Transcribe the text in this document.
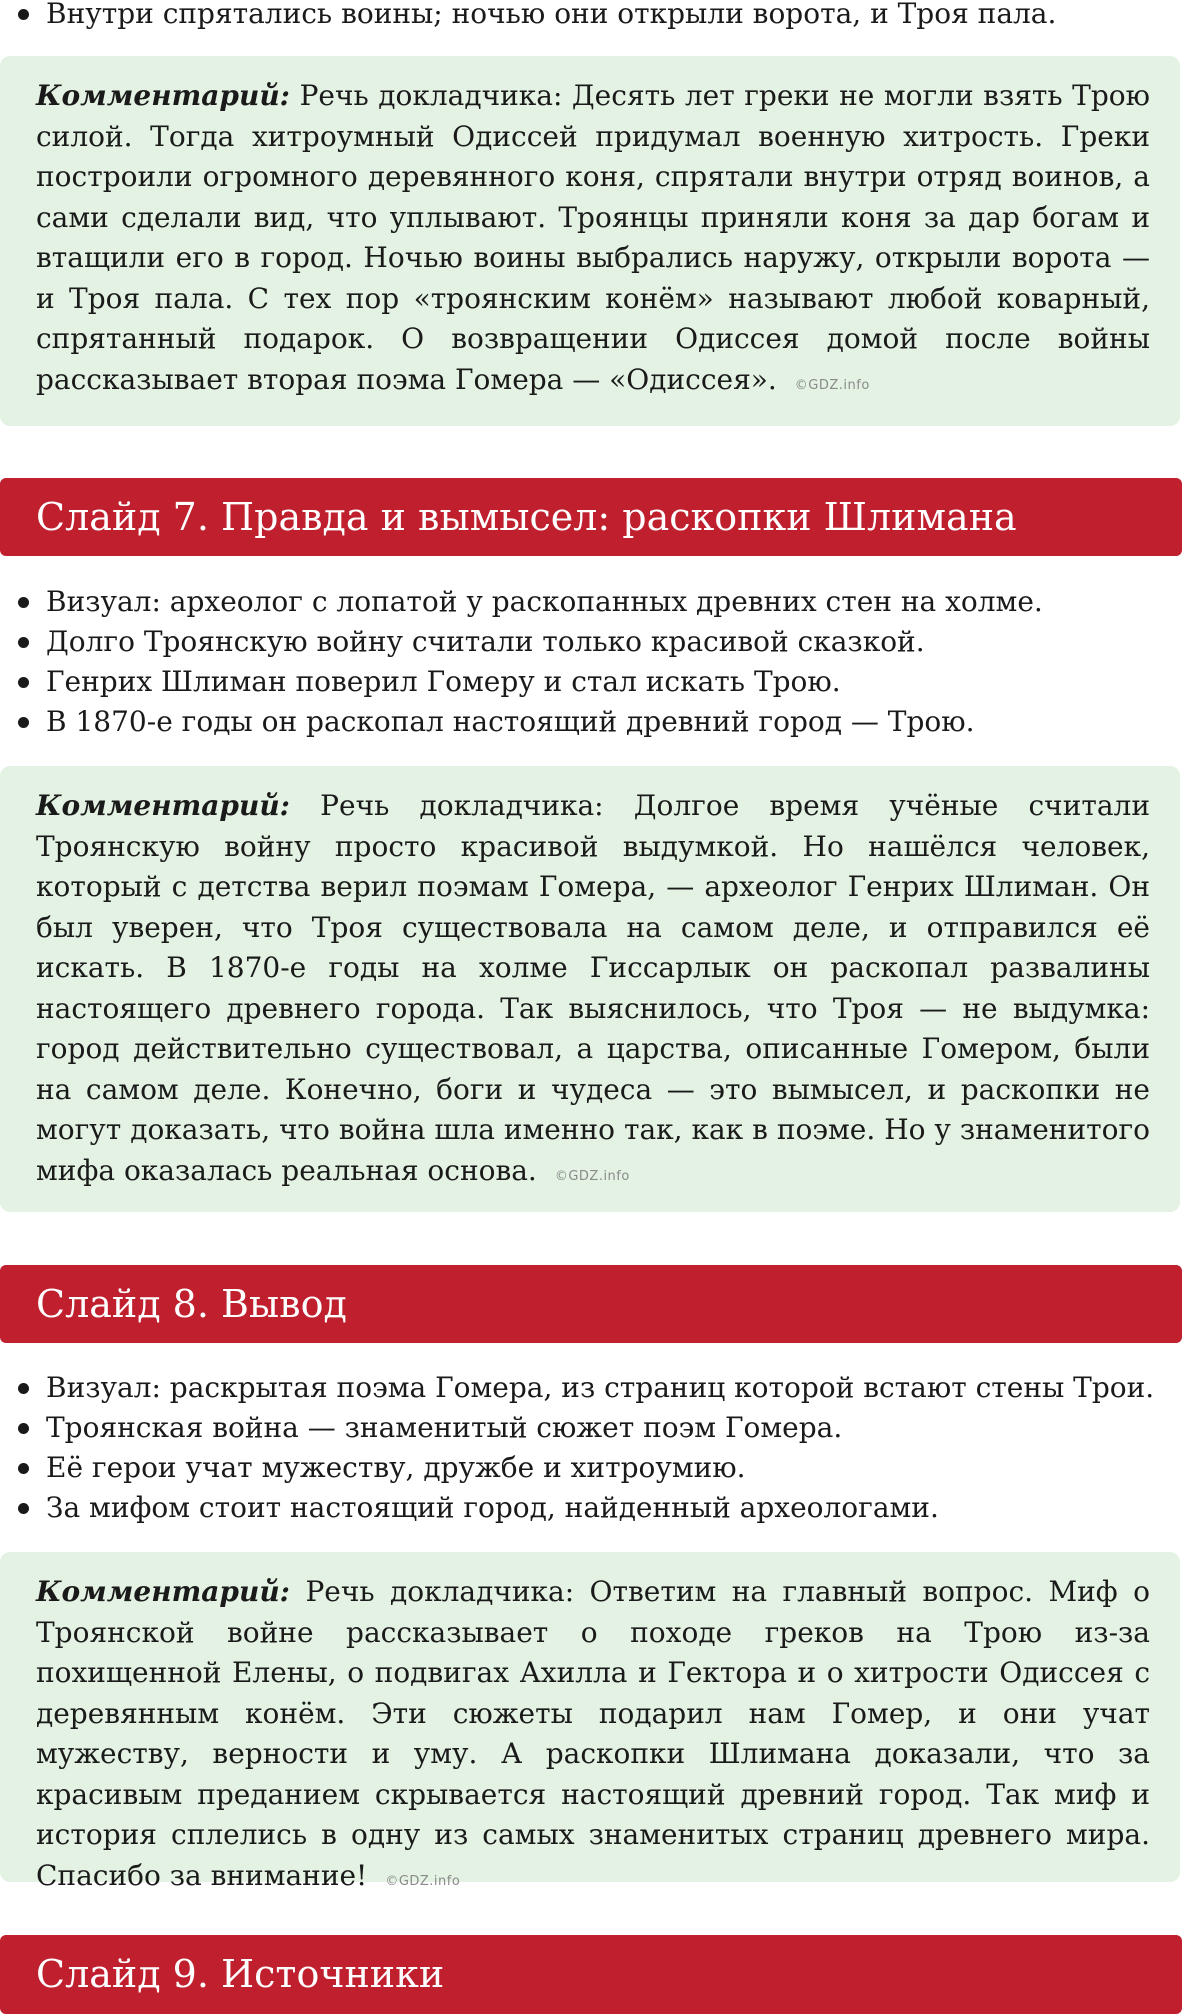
Внутри спрятались воины; ночью они открыли ворота, и Троя пала.
Комментарий: Речь докладчика: Десять лет греки не могли взять Трою силой. Тогда хитроумный Одиссей придумал военную хитрость. Греки построили огромного деревянного коня, спрятали внутри отряд воинов, а сами сделали вид, что уплывают. Троянцы приняли коня за дар богам и втащили его в город. Ночью воины выбрались наружу, открыли ворота — и Троя пала. С тех пор «троянским конём» называют любой коварный, спрятанный подарок. О возвращении Одиссея домой после войны рассказывает вторая поэма Гомера — «Одиссея». ©GDZ.info
Слайд 7. Правда и вымысел: раскопки Шлимана
Визуал: археолог с лопатой у раскопанных древних стен на холме.
Долго Троянскую войну считали только красивой сказкой.
Генрих Шлиман поверил Гомеру и стал искать Трою.
В 1870-е годы он раскопал настоящий древний город — Трою.
Комментарий: Речь докладчика: Долгое время учёные считали Троянскую войну просто красивой выдумкой. Но нашёлся человек, который с детства верил поэмам Гомера, — археолог Генрих Шлиман. Он был уверен, что Троя существовала на самом деле, и отправился её искать. В 1870-е годы на холме Гиссарлык он раскопал развалины настоящего древнего города. Так выяснилось, что Троя — не выдумка: город действительно существовал, а царства, описанные Гомером, были на самом деле. Конечно, боги и чудеса — это вымысел, и раскопки не могут доказать, что война шла именно так, как в поэме. Но у знаменитого мифа оказалась реальная основа. ©GDZ.info
Слайд 8. Вывод
Визуал: раскрытая поэма Гомера, из страниц которой встают стены Трои.
Троянская война — знаменитый сюжет поэм Гомера.
Её герои учат мужеству, дружбе и хитроумию.
За мифом стоит настоящий город, найденный археологами.
Комментарий: Речь докладчика: Ответим на главный вопрос. Миф о Троянской войне рассказывает о походе греков на Трою из-за похищенной Елены, о подвигах Ахилла и Гектора и о хитрости Одиссея с деревянным конём. Эти сюжеты подарил нам Гомер, и они учат мужеству, верности и уму. А раскопки Шлимана доказали, что за красивым преданием скрывается настоящий древний город. Так миф и история сплелись в одну из самых знаменитых страниц древнего мира. Спасибо за внимание! ©GDZ.info
Слайд 9. Источники
